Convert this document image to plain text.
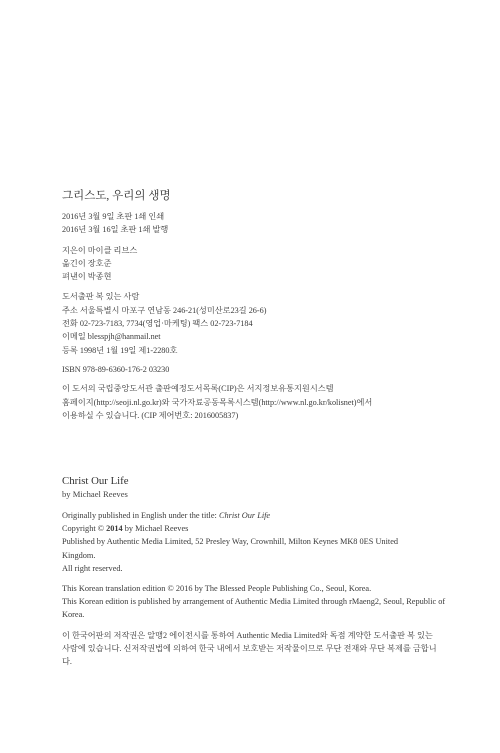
그리스도, 우리의 생명
2016년 3월 9일 초판 1쇄 인쇄
2016년 3월 16일 초판 1쇄 발행
지은이 마이클 리브스
옮긴이 장호준
펴낸이 박종현
도서출판 복 있는 사람
주소 서울특별시 마포구 연남동 246-21(성미산로23길 26-6)
전화 02-723-7183, 7734(영업·마케팅) 팩스 02-723-7184
이메일 blesspjh@hanmail.net
등록 1998년 1월 19일 제1-2280호
ISBN 978-89-6360-176-2 03230
이 도서의 국립중앙도서관 출판예정도서목록(CIP)은 서지정보유통지원시스템
홈페이지(http://seoji.nl.go.kr)와 국가자료공동목록시스템(http://www.nl.go.kr/kolisnet)에서
이용하실 수 있습니다. (CIP 제어번호: 2016005837)
Christ Our Life
by Michael Reeves
Originally published in English under the title: Christ Our Life
Copyright © 2014 by Michael Reeves
Published by Authentic Media Limited, 52 Presley Way, Crownhill, Milton Keynes MK8 0ES United Kingdom.
All right reserved.
This Korean translation edition © 2016 by The Blessed People Publishing Co., Seoul, Korea.
This Korean edition is published by arrangement of Authentic Media Limited through rMaeng2, Seoul, Republic of Korea.
이 한국어판의 저작권은 알맹2 에이전시를 통하여 Authentic Media Limited와 독점 계약한 도서출판 복 있는 사람에 있습니다. 신저작권법에 의하여 한국 내에서 보호받는 저작물이므로 무단 전재와 무단 복제를 금합니다.
